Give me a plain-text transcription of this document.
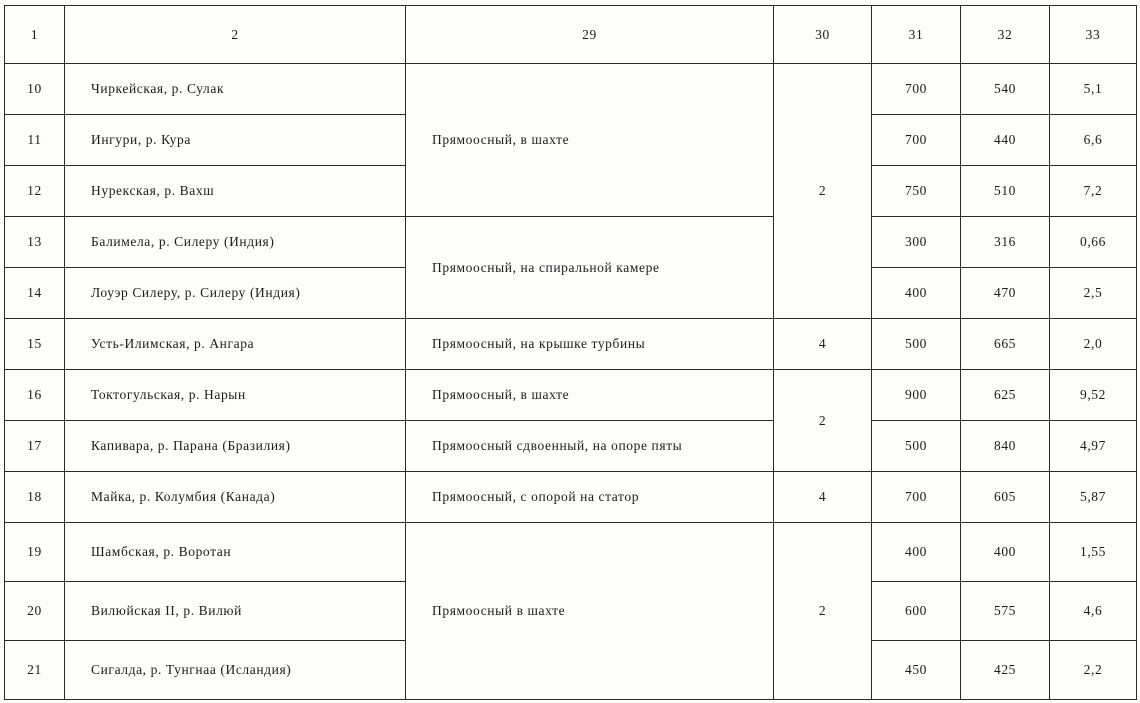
1	2	29	30	31	32	33
10	Чиркейская, р. Сулак	Прямоосный, в шахте	2	700	540	5,1
11	Ингури, р. Кура			700	440	6,6
12	Нурекская, р. Вахш			750	510	7,2
13	Балимела, р. Силеру (Индия)	Прямоосный, на спиральной камере		300	316	0,66
14	Лоуэр Силеру, р. Силеру (Индия)			400	470	2,5
15	Усть-Илимская, р. Ангара	Прямоосный, на крышке турбины	4	500	665	2,0
16	Токтогульская, р. Нарын	Прямоосный, в шахте	2	900	625	9,52
17	Капивара, р. Парана (Бразилия)	Прямоосный сдвоенный, на опоре пяты		500	840	4,97
18	Майка, р. Колумбия (Канада)	Прямоосный, с опорой на статор	4	700	605	5,87
19	Шамбская, р. Воротан	Прямоосный в шахте	2	400	400	1,55
20	Вилюйская II, р. Вилюй			600	575	4,6
21	Сигалда, р. Тунгнаа (Исландия)			450	425	2,2
